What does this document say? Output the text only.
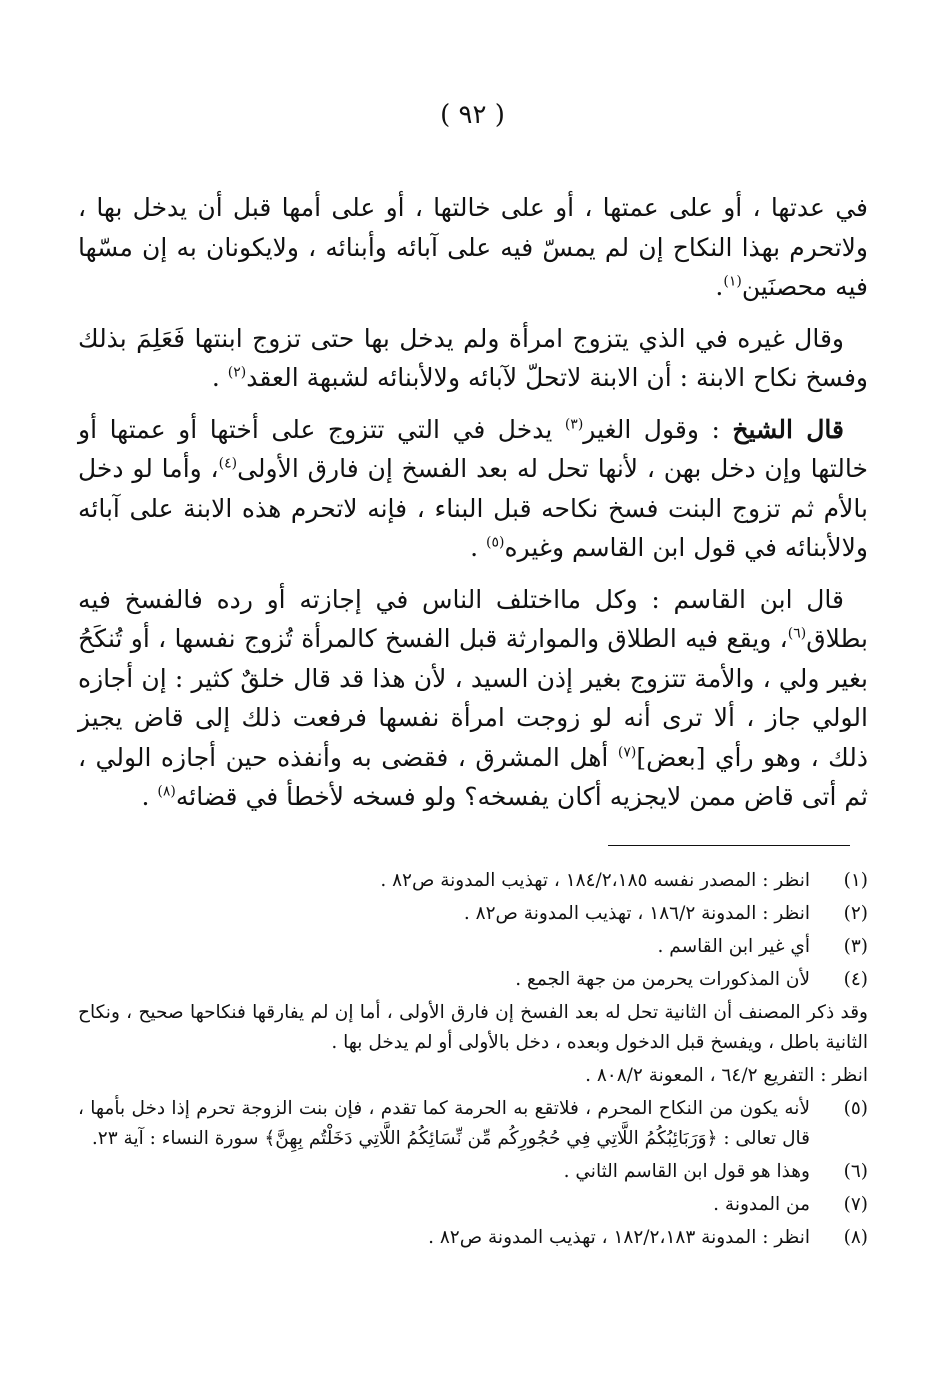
( ٩٢ )

في عدتها ، أو على عمتها ، أو على خالتها ، أو على أمها قبل أن يدخل بها ، ولاتحرم بهذا النكاح إن لم يمسّ فيه على آبائه وأبنائه ، ولايكونان به إن مسّها فيه محصنَين$^{(١)}$.

وقال غيره في الذي يتزوج امرأة ولم يدخل بها حتى تزوج ابنتها فَعَلِمَ بذلك وفسخ نكاح الابنة : أن الابنة لاتحلّ لآبائه ولالأبنائه لشبهة العقد$^{(٢)}$ .

قال الشيخ : وقول الغير$^{(٣)}$ يدخل في التي تتزوج على أختها أو عمتها أو خالتها وإن دخل بهن ، لأنها تحل له بعد الفسخ إن فارق الأولى$^{(٤)}$، وأما لو دخل بالأم ثم تزوج البنت فسخ نكاحه قبل البناء ، فإنه لاتحرم هذه الابنة على آبائه ولالأبنائه في قول ابن القاسم وغيره$^{(٥)}$ .

قال ابن القاسم : وكل مااختلف الناس في إجازته أو رده فالفسخ فيه بطلاق$^{(٦)}$، ويقع فيه الطلاق والموارثة قبل الفسخ كالمرأة تُزوج نفسها ، أو تُنكَحُ بغير ولي ، والأمة تتزوج بغير إذن السيد ، لأن هذا قد قال خلقٌ كثير : إن أجازه الولي جاز ، ألا ترى أنه لو زوجت امرأة نفسها فرفعت ذلك إلى قاض يجيز ذلك ، وهو رأي [بعض]$^{(٧)}$ أهل المشرق ، فقضى به وأنفذه حين أجازه الولي ، ثم أتى قاض ممن لايجزيه أكان يفسخه؟ ولو فسخه لأخطأ في قضائه$^{(٨)}$ .

(١)
انظر : المصدر نفسه ١٨٤/٢،١٨٥ ، تهذيب المدونة ص٨٢ .
(٢)
انظر : المدونة ١٨٦/٢ ، تهذيب المدونة ص٨٢ .
(٣)
أي غير ابن القاسم .
(٤)
لأن المذكورات يحرمن من جهة الجمع .

وقد ذكر المصنف أن الثانية تحل له بعد الفسخ إن فارق الأولى ، أما إن لم يفارقها فنكاحها صحيح ، ونكاح الثانية باطل ، ويفسخ قبل الدخول وبعده ، دخل بالأولى أو لم يدخل بها .

انظر : التفريع ٦٤/٢ ، المعونة ٨٠٨/٢ .

(٥)
لأنه يكون من النكاح المحرم ، فلاتقع به الحرمة كما تقدم ، فإن بنت الزوجة تحرم إذا دخل بأمها ، قال تعالى : ﴿وَرَبَائِبُكُمُ اللَّاتِي فِي حُجُورِكُم مِّن نِّسَائِكُمُ اللَّاتِي دَخَلْتُم بِهِنَّ﴾ سورة النساء : آية ٢٣.
(٦)
وهذا هو قول ابن القاسم الثاني .
(٧)
من المدونة .
(٨)
انظر : المدونة ١٨٢/٢،١٨٣ ، تهذيب المدونة ص٨٢ .
